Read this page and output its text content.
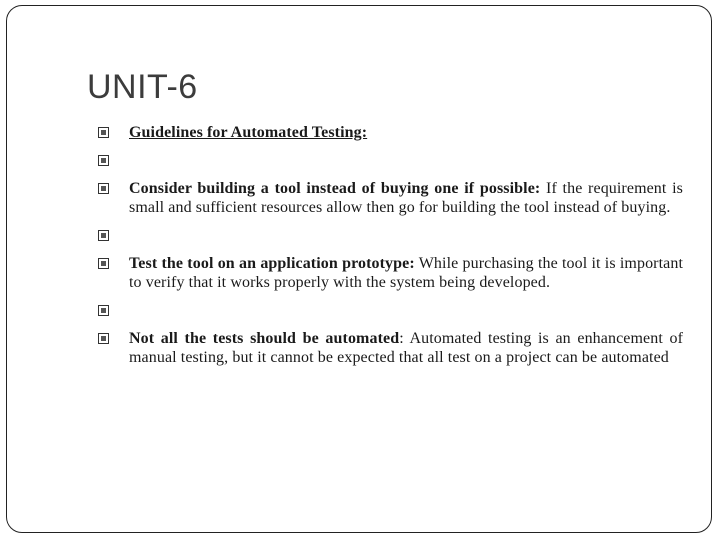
UNIT-6
Guidelines for Automated Testing:
Consider building a tool instead of buying one if possible: If the requirement is small and sufficient resources allow then go for building the tool instead of buying.
Test the tool on an application prototype: While purchasing the tool it is important to verify that it works properly with the system being developed.
Not all the tests should be automated: Automated testing is an enhancement of manual testing, but it cannot be expected that all test on a project can be automated
